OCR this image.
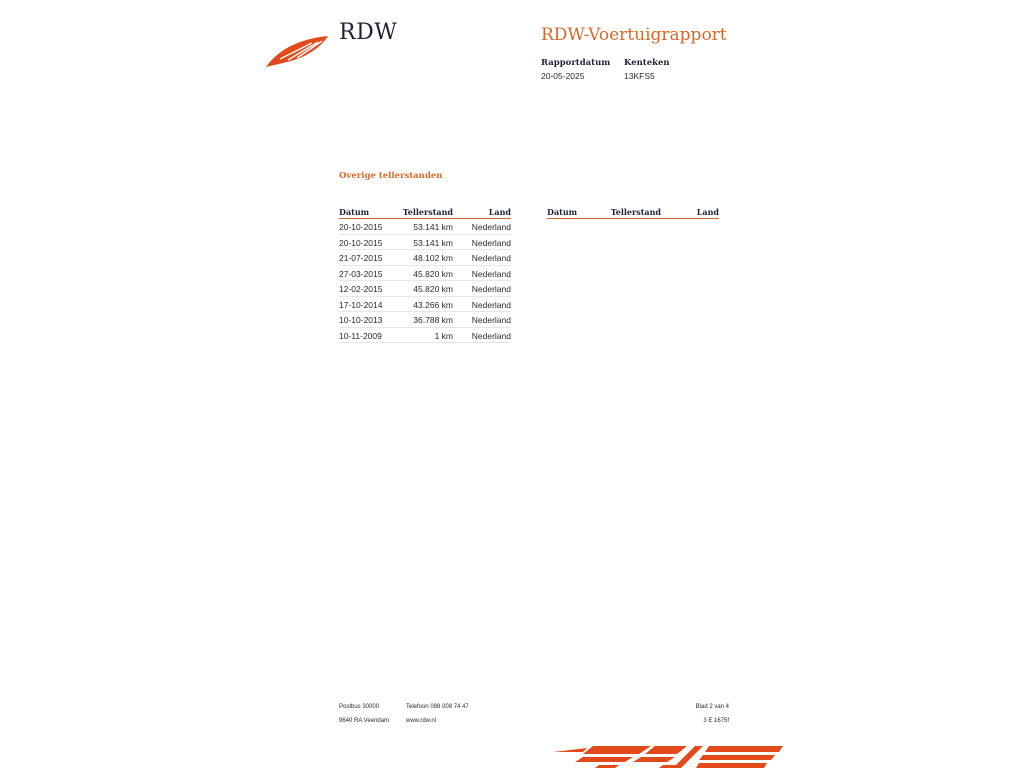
RDW	RDW-Voertuigrapport
Rapportdatum
20-05-2025
Kenteken
13KFS5
Overige tellerstanden
Datum	Tellerstand	Land
20-10-2015	53.141 km Nederland
20-10-2015	53.141 km Nederland
21-07-2015	48.102 km Nederland
27-03-2015	45.820 km Nederland
12-02-2015	45.820 km Nederland
17-10-2014	43.266 km Nederland
10-10-2013	36.788 km Nederland
10-11-2009	1 km Nederland
Datum	Tellerstand	Land
Postbus 30000
9640 RA Veendam
Telefoon 088 008 74 47
www.rdw.nl
Blad 2 van 4
3 E 1675f
